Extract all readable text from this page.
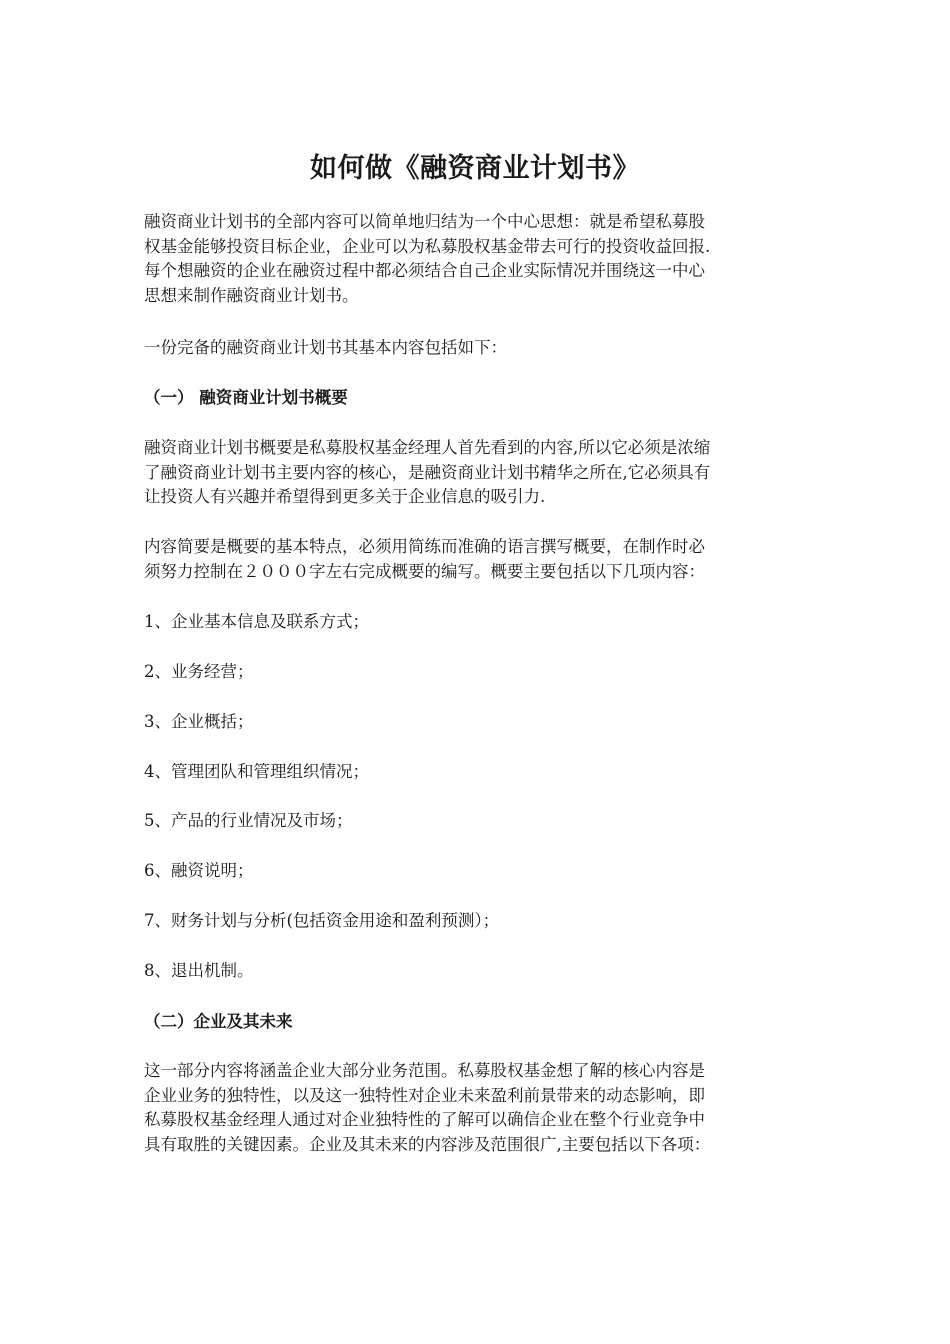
如何做《融资商业计划书》

融资商业计划书的全部内容可以简单地归结为一个中心思想：就是希望私募股
权基金能够投资目标企业，企业可以为私募股权基金带去可行的投资收益回报.
每个想融资的企业在融资过程中都必须结合自己企业实际情况并围绕这一中心
思想来制作融资商业计划书。

一份完备的融资商业计划书其基本内容包括如下：

（一） 融资商业计划书概要

融资商业计划书概要是私募股权基金经理人首先看到的内容,所以它必须是浓缩
了融资商业计划书主要内容的核心，是融资商业计划书精华之所在,它必须具有
让投资人有兴趣并希望得到更多关于企业信息的吸引力.

内容简要是概要的基本特点，必须用简练而准确的语言撰写概要，在制作时必
须努力控制在２０００字左右完成概要的编写。概要主要包括以下几项内容：

1、企业基本信息及联系方式；

2、业务经营；

3、企业概括；

4、管理团队和管理组织情况；

5、产品的行业情况及市场；

6、融资说明；

7、财务计划与分析(包括资金用途和盈利预测）；

8、退出机制。

（二）企业及其未来

这一部分内容将涵盖企业大部分业务范围。私募股权基金想了解的核心内容是
企业业务的独特性，以及这一独特性对企业未来盈利前景带来的动态影响，即
私募股权基金经理人通过对企业独特性的了解可以确信企业在整个行业竞争中
具有取胜的关键因素。企业及其未来的内容涉及范围很广,主要包括以下各项：
